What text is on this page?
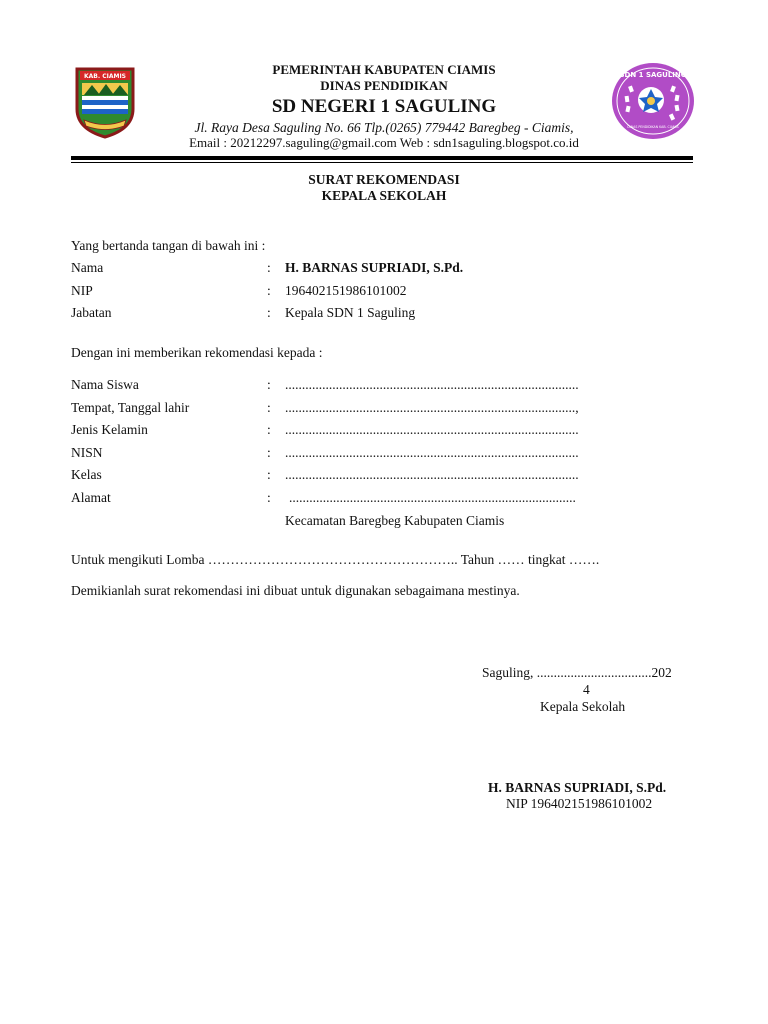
KAB. CIAMIS	SDN 1 SAGULING
DINAS PENDIDIKAN KAB. CIAMIS
PEMERINTAH KABUPATEN CIAMIS
DINAS PENDIDIKAN
SD NEGERI 1 SAGULING
Jl. Raya Desa Saguling No. 66 Tlp.(0265) 779442 Baregbeg - Ciamis,
Email : 20212297.saguling@gmail.com Web : sdn1saguling.blogspot.co.id
SURAT REKOMENDASI
KEPALA SEKOLAH
Yang bertanda tangan di bawah ini :
Nama	: H. BARNAS SUPRIADI, S.Pd.
NIP	: 196402151986101002
Jabatan	: Kepala SDN 1 Saguling
Dengan ini memberikan rekomendasi kepada :
Nama Siswa	: .......................................................................................
Tempat, Tanggal lahir	: ......................................................................................,
Jenis Kelamin	: .......................................................................................
NISN	: .......................................................................................
Kelas	: .......................................................................................
Alamat	: .....................................................................................
Kecamatan Baregbeg Kabupaten Ciamis
Untuk mengikuti Lomba ……………………………………………….. Tahun …… tingkat …….
Demikianlah surat rekomendasi ini dibuat untuk digunakan sebagaimana mestinya.
Saguling, ..................................202
4
Kepala Sekolah
H. BARNAS SUPRIADI, S.Pd.
NIP 196402151986101002
